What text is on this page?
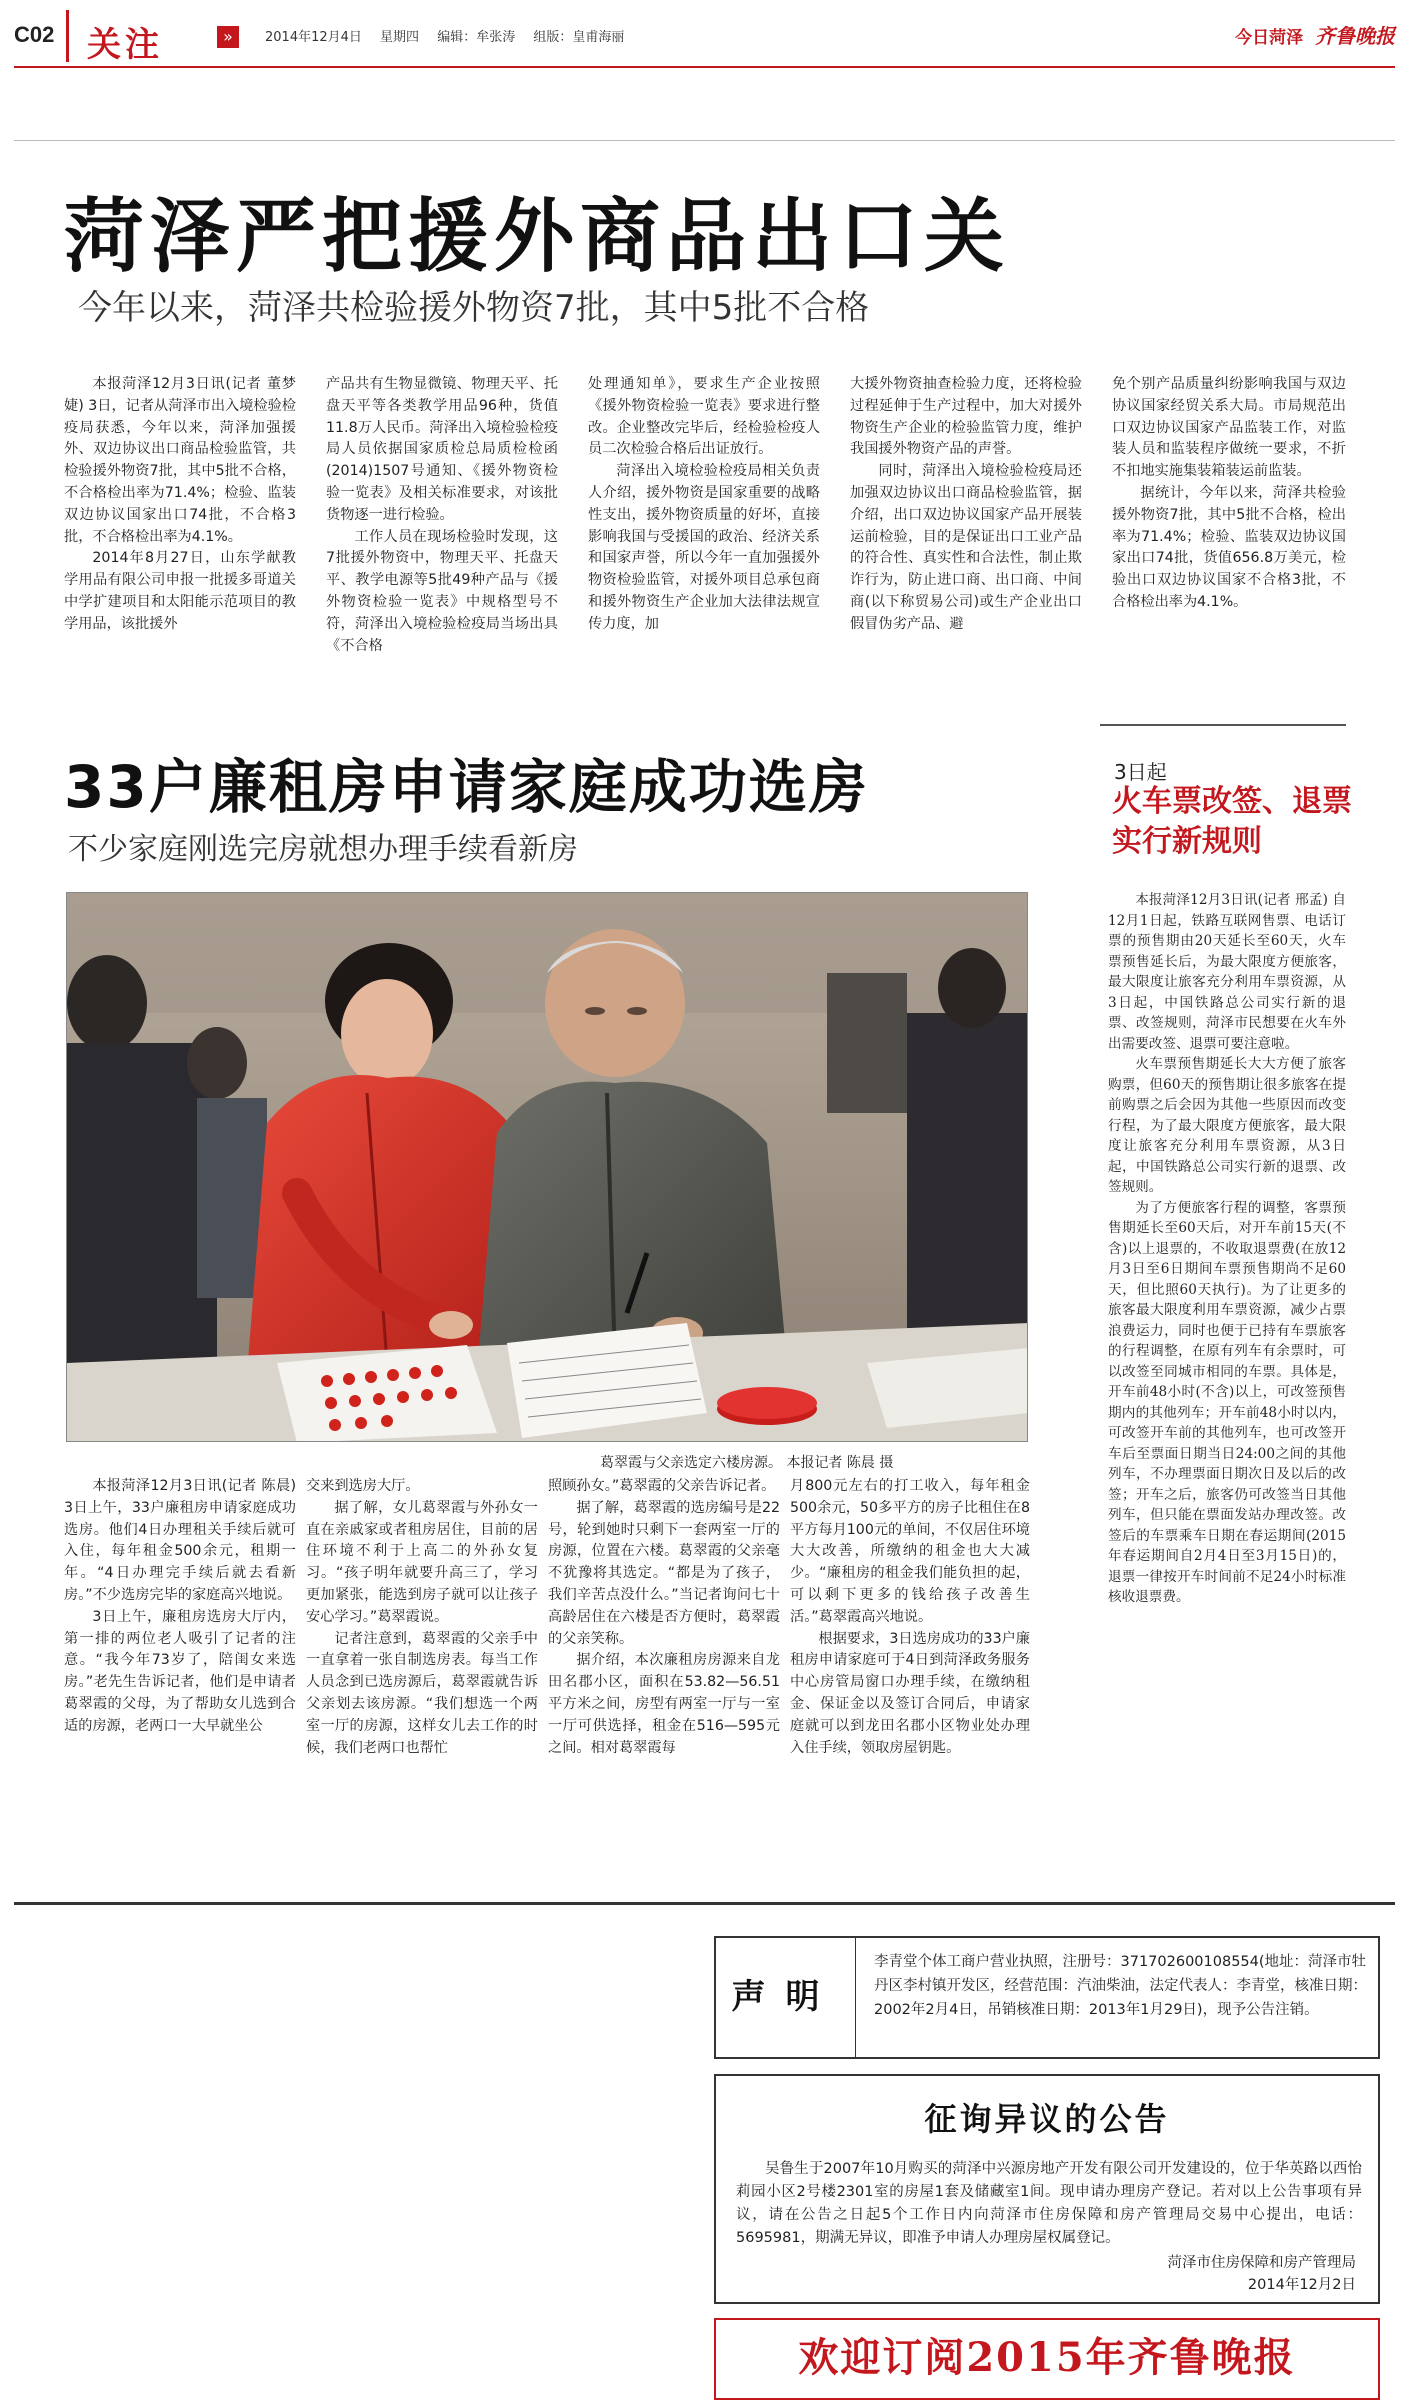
C02 关注	»	2014年12月4日 星期四 编辑：牟张涛 组版：皇甫海丽	今日菏泽 齐鲁晚报
菏泽严把援外商品出口关
今年以来，菏泽共检验援外物资7批，其中5批不合格

本报菏泽12月3日讯(记者 董梦婕) 3日，记者从菏泽市出入境检验检疫局获悉，今年以来，菏泽加强援外、双边协议出口商品检验监管，共检验援外物资7批，其中5批不合格，不合格检出率为71.4%；检验、监装双边协议国家出口74批，不合格3批，不合格检出率为4.1%。

2014年8月27日，山东学献教学用品有限公司申报一批援多哥道关中学扩建项目和太阳能示范项目的教学用品，该批援外

产品共有生物显微镜、物理天平、托盘天平等各类教学用品96种，货值11.8万人民币。菏泽出入境检验检疫局人员依据国家质检总局质检检函(2014)1507号通知、《援外物资检验一览表》及相关标准要求，对该批货物逐一进行检验。

工作人员在现场检验时发现，这7批援外物资中，物理天平、托盘天平、教学电源等5批49种产品与《援外物资检验一览表》中规格型号不符，菏泽出入境检验检疫局当场出具《不合格

处理通知单》，要求生产企业按照《援外物资检验一览表》要求进行整改。企业整改完毕后，经检验检疫人员二次检验合格后出证放行。

菏泽出入境检验检疫局相关负责人介绍，援外物资是国家重要的战略性支出，援外物资质量的好坏，直接影响我国与受援国的政治、经济关系和国家声誉，所以今年一直加强援外物资检验监管，对援外项目总承包商和援外物资生产企业加大法律法规宣传力度，加

大援外物资抽查检验力度，还将检验过程延伸于生产过程中，加大对援外物资生产企业的检验监管力度，维护我国援外物资产品的声誉。

同时，菏泽出入境检验检疫局还加强双边协议出口商品检验监管，据介绍，出口双边协议国家产品开展装运前检验，目的是保证出口工业产品的符合性、真实性和合法性，制止欺诈行为，防止进口商、出口商、中间商(以下称贸易公司)或生产企业出口假冒伪劣产品、避

免个别产品质量纠纷影响我国与双边协议国家经贸关系大局。市局规范出口双边协议国家产品监装工作，对监装人员和监装程序做统一要求，不折不扣地实施集装箱装运前监装。

据统计，今年以来，菏泽共检验援外物资7批，其中5批不合格，检出率为71.4%；检验、监装双边协议国家出口74批，货值656.8万美元，检验出口双边协议国家不合格3批，不合格检出率为4.1%。

33户廉租房申请家庭成功选房
不少家庭刚选完房就想办理手续看新房
葛翠霞与父亲选定六楼房源。 本报记者 陈晨 摄

本报菏泽12月3日讯(记者 陈晨) 3日上午，33户廉租房申请家庭成功选房。他们4日办理租关手续后就可入住，每年租金500余元，租期一年。“4日办理完手续后就去看新房。”不少选房完毕的家庭高兴地说。

3日上午，廉租房选房大厅内，第一排的两位老人吸引了记者的注意。“我今年73岁了，陪闺女来选房。”老先生告诉记者，他们是申请者葛翠霞的父母，为了帮助女儿选到合适的房源，老两口一大早就坐公

交来到选房大厅。

据了解，女儿葛翠霞与外孙女一直在亲戚家或者租房居住，目前的居住环境不利于上高二的外孙女复习。“孩子明年就要升高三了，学习更加紧张，能选到房子就可以让孩子安心学习。”葛翠霞说。

记者注意到，葛翠霞的父亲手中一直拿着一张自制选房表。每当工作人员念到已选房源后，葛翠霞就告诉父亲划去该房源。“我们想选一个两室一厅的房源，这样女儿去工作的时候，我们老两口也帮忙

照顾孙女。”葛翠霞的父亲告诉记者。

据了解，葛翠霞的选房编号是22号，轮到她时只剩下一套两室一厅的房源，位置在六楼。葛翠霞的父亲毫不犹豫将其选定。“都是为了孩子，我们辛苦点没什么。”当记者询问七十高龄居住在六楼是否方便时，葛翠霞的父亲笑称。

据介绍，本次廉租房房源来自龙田名郡小区，面积在53.82—56.51平方米之间，房型有两室一厅与一室一厅可供选择，租金在516—595元之间。相对葛翠霞每

月800元左右的打工收入，每年租金500余元，50多平方的房子比租住在8平方每月100元的单间，不仅居住环境大大改善，所缴纳的租金也大大减少。“廉租房的租金我们能负担的起，可以剩下更多的钱给孩子改善生活。”葛翠霞高兴地说。

根据要求，3日选房成功的33户廉租房申请家庭可于4日到菏泽政务服务中心房管局窗口办理手续，在缴纳租金、保证金以及签订合同后，申请家庭就可以到龙田名郡小区物业处办理入住手续，领取房屋钥匙。

3日起
火车票改签、退票实行新规则

本报菏泽12月3日讯(记者 邢孟) 自12月1日起，铁路互联网售票、电话订票的预售期由20天延长至60天，火车票预售延长后，为最大限度方便旅客，最大限度让旅客充分利用车票资源，从3日起，中国铁路总公司实行新的退票、改签规则，菏泽市民想要在火车外出需要改签、退票可要注意啦。

火车票预售期延长大大方便了旅客购票，但60天的预售期让很多旅客在提前购票之后会因为其他一些原因而改变行程，为了最大限度方便旅客，最大限度让旅客充分利用车票资源，从3日起，中国铁路总公司实行新的退票、改签规则。

为了方便旅客行程的调整，客票预售期延长至60天后，对开车前15天(不含)以上退票的，不收取退票费(在放12月3日至6日期间车票预售期尚不足60天，但比照60天执行)。为了让更多的旅客最大限度利用车票资源，减少占票浪费运力，同时也便于已持有车票旅客的行程调整，在原有列车有余票时，可以改签至同城市相同的车票。具体是，开车前48小时(不含)以上，可改签预售期内的其他列车；开车前48小时以内，可改签开车前的其他列车，也可改签开车后至票面日期当日24:00之间的其他列车，不办理票面日期次日及以后的改签；开车之后，旅客仍可改签当日其他列车，但只能在票面发站办理改签。改签后的车票乘车日期在春运期间(2015年春运期间自2月4日至3月15日)的，退票一律按开车时间前不足24小时标准核收退票费。

声明
李青堂个体工商户营业执照，注册号：371702600108554(地址：菏泽市牡丹区李村镇开发区，经营范围：汽油柴油，法定代表人：李青堂，核准日期：2002年2月4日，吊销核准日期：2013年1月29日)，现予公告注销。
征询异议的公告
吴鲁生于2007年10月购买的菏泽中兴源房地产开发有限公司开发建设的，位于华英路以西怡莉园小区2号楼2301室的房屋1套及储藏室1间。现申请办理房产登记。若对以上公告事项有异议，请在公告之日起5个工作日内向菏泽市住房保障和房产管理局交易中心提出，电话：5695981，期满无异议，即准予申请人办理房屋权属登记。
菏泽市住房保障和房产管理局
2014年12月2日
欢迎订阅2015年齐鲁晚报
